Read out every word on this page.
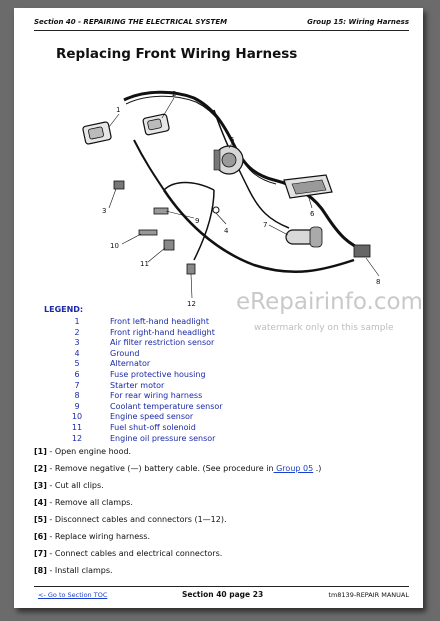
Section 40 - REPAIRING THE ELECTRICAL SYSTEM	Group 15: Wiring Harness
Replacing Front Wiring Harness
1
2
3
4
5
6
7
8
9
10
11
12 eRepairinfo.com
watermark only on this sample
LEGEND:
1	Front left-hand headlight
2	Front right-hand headlight
3	Air filter restriction sensor
4	Ground
5	Alternator
6	Fuse protective housing
7	Starter motor
8	For rear wiring harness
9	Coolant temperature sensor
10	Engine speed sensor
11	Fuel shut-off solenoid
12	Engine oil pressure sensor
[1] - Open engine hood.
[2] - Remove negative (—) battery cable. (See procedure in Group 05 .)
[3] - Cut all clips.
[4] - Remove all clamps.
[5] - Disconnect cables and connectors (1—12).
[6] - Replace wiring harness.
[7] - Connect cables and electrical connectors.
[8] - Install clamps.
<- Go to Section TOC	Section 40 page 23	tm8139-REPAIR MANUAL
